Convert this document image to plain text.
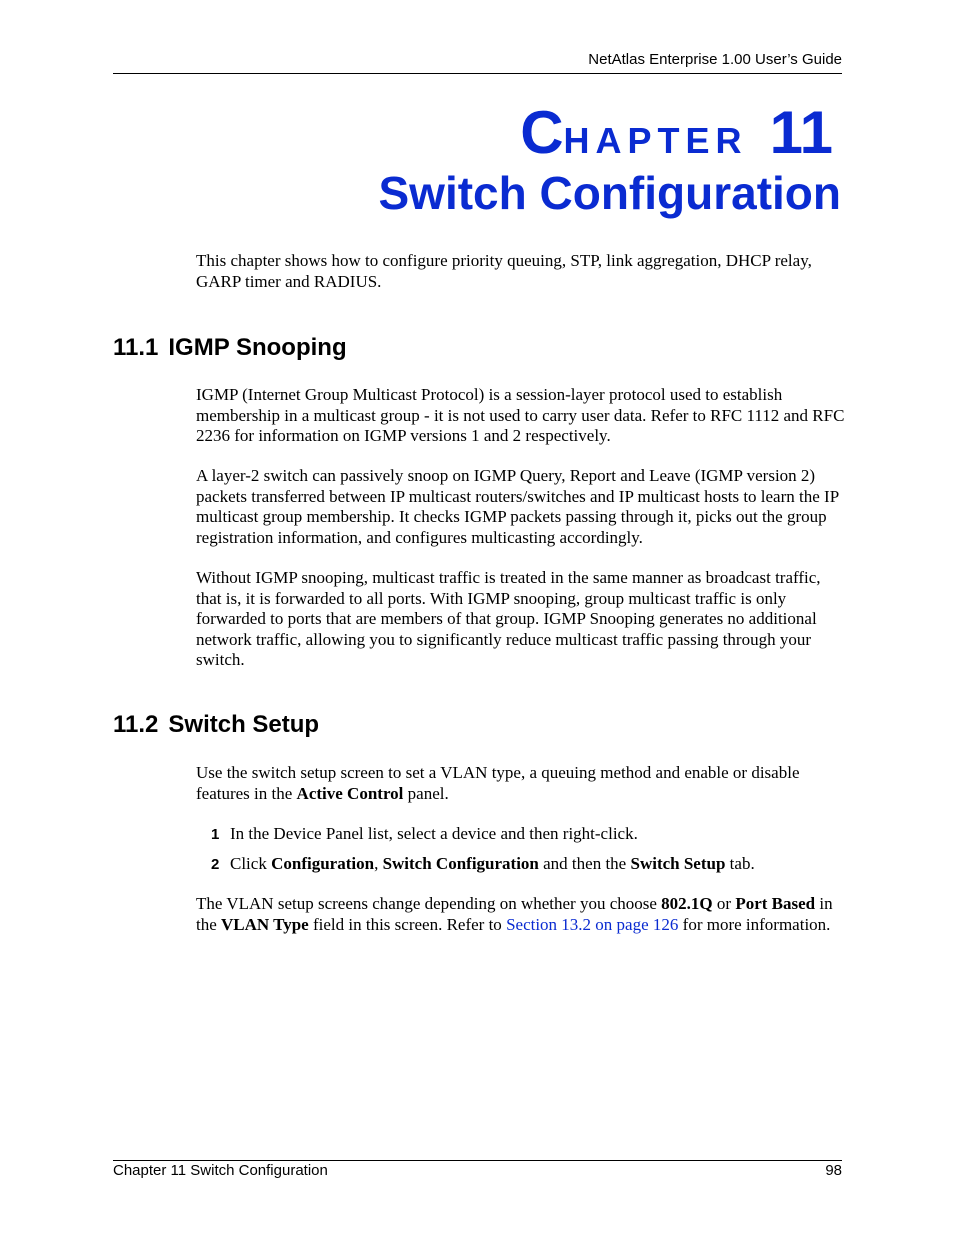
NetAtlas Enterprise 1.00 User’s Guide
CHAPTER 11
Switch Configuration

This chapter shows how to configure priority queuing, STP, link aggregation, DHCP relay, GARP timer and RADIUS.

11.1 IGMP Snooping

IGMP (Internet Group Multicast Protocol) is a session-layer protocol used to establish membership in a multicast group - it is not used to carry user data. Refer to RFC 1112 and RFC 2236 for information on IGMP versions 1 and 2 respectively.

A layer-2 switch can passively snoop on IGMP Query, Report and Leave (IGMP version 2) packets transferred between IP multicast routers/switches and IP multicast hosts to learn the IP multicast group membership. It checks IGMP packets passing through it, picks out the group registration information, and configures multicasting accordingly.

Without IGMP snooping, multicast traffic is treated in the same manner as broadcast traffic, that is, it is forwarded to all ports. With IGMP snooping, group multicast traffic is only forwarded to ports that are members of that group. IGMP Snooping generates no additional network traffic, allowing you to significantly reduce multicast traffic passing through your switch.

11.2 Switch Setup

Use the switch setup screen to set a VLAN type, a queuing method and enable or disable features in the Active Control panel.

1 In the Device Panel list, select a device and then right-click.
2 Click Configuration, Switch Configuration and then the Switch Setup tab.

The VLAN setup screens change depending on whether you choose 802.1Q or Port Based in the VLAN Type field in this screen. Refer to Section 13.2 on page 126 for more information.

Chapter 11 Switch Configuration	98
